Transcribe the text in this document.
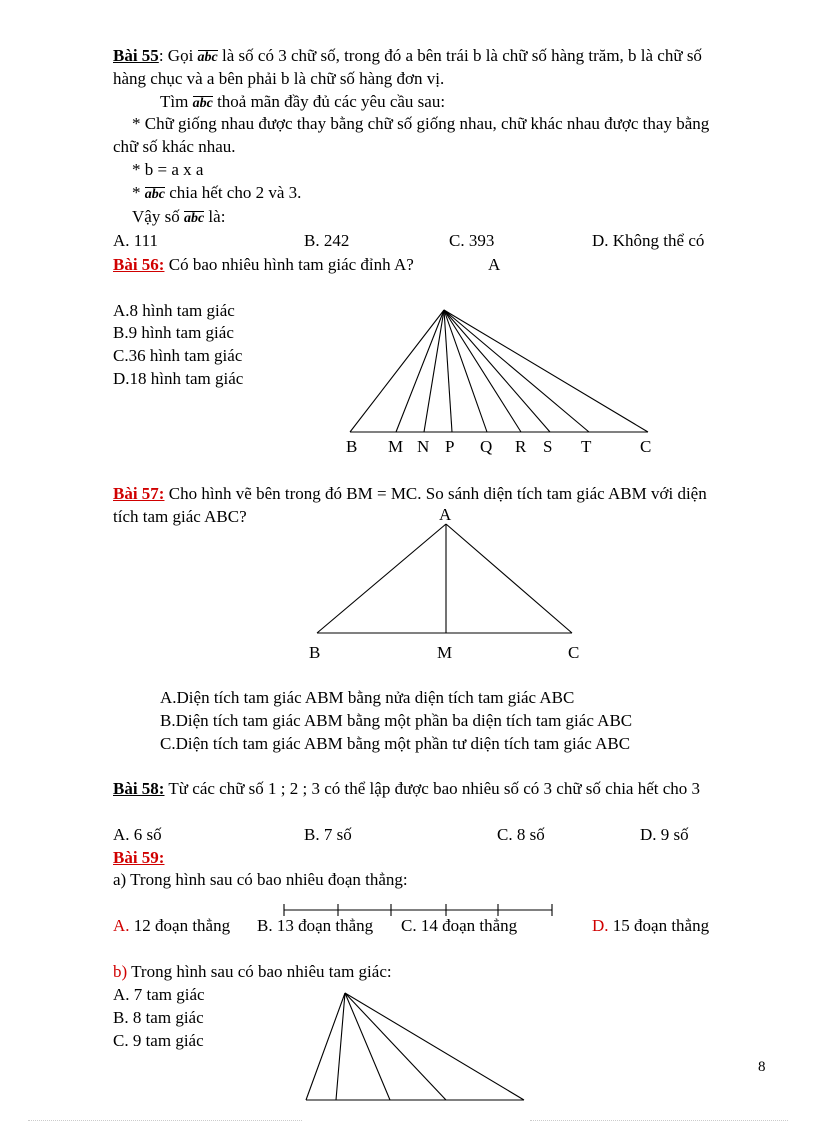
Bài 55: Gọi abc là số có 3 chữ số, trong đó a bên trái b là chữ số hàng trăm, b là chữ số
hàng chục và a bên phải b là chữ số hàng đơn vị.
Tìm abc thoả mãn đầy đủ các yêu cầu sau:
* Chữ giống nhau được thay bằng chữ số giống nhau, chữ khác nhau được thay bằng
chữ số khác nhau.
* b = a x a
* abc chia hết cho 2 và 3.
Vậy số abc là:
A. 111	B. 242	C. 393	D. Không thể có
Bài 56: Có bao nhiêu hình tam giác đỉnh A?	A
A.8 hình tam giác
B.9 hình tam giác
C.36 hình tam giác
D.18 hình tam giác
B M N P Q R S T	C
A
B	M	C
Bài 57: Cho hình vẽ bên trong đó BM = MC. So sánh diện tích tam giác ABM với diện
tích tam giác ABC?
A.Diện tích tam giác ABM bằng nửa diện tích tam giác ABC
B.Diện tích tam giác ABM bằng một phần ba diện tích tam giác ABC
C.Diện tích tam giác ABM bằng một phần tư diện tích tam giác ABC
Bài 58: Từ các chữ số 1 ; 2 ; 3 có thể lập được bao nhiêu số có 3 chữ số chia hết cho 3
A. 6 số	B. 7 số	C. 8 số	D. 9 số
Bài 59:
a) Trong hình sau có bao nhiêu đoạn thẳng:
A. 12 đoạn thẳng B. 13 đoạn thẳng C. 14 đoạn thẳng	D. 15 đoạn thẳng
b) Trong hình sau có bao nhiêu tam giác:
A. 7 tam giác
B. 8 tam giác
C. 9 tam giác
8
